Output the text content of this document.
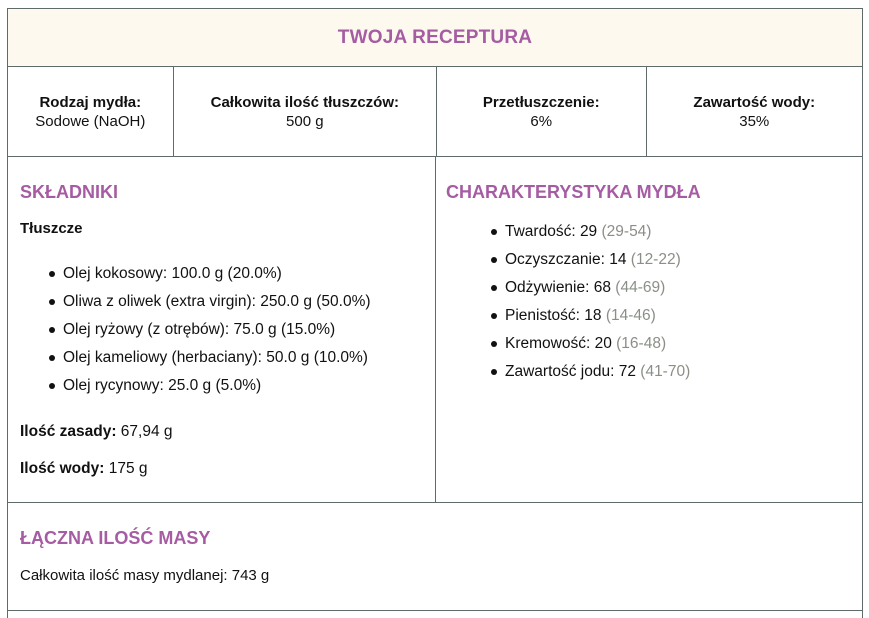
TWOJA RECEPTURA
Rodzaj mydła:
Sodowe (NaOH)
Całkowita ilość tłuszczów:
500 g
Przetłuszczenie:
6%
Zawartość wody:
35%
SKŁADNIKI
Tłuszcze
Olej kokosowy: 100.0 g (20.0%)
Oliwa z oliwek (extra virgin): 250.0 g (50.0%)
Olej ryżowy (z otrębów): 75.0 g (15.0%)
Olej kameliowy (herbaciany): 50.0 g (10.0%)
Olej rycynowy: 25.0 g (5.0%)
Ilość zasady: 67,94 g
Ilość wody: 175 g
CHARAKTERYSTYKA MYDŁA
Twardość: 29 (29-54)
Oczyszczanie: 14 (12-22)
Odżywienie: 68 (44-69)
Pienistość: 18 (14-46)
Kremowość: 20 (16-48)
Zawartość jodu: 72 (41-70)
ŁĄCZNA ILOŚĆ MASY
Całkowita ilość masy mydlanej: 743 g
